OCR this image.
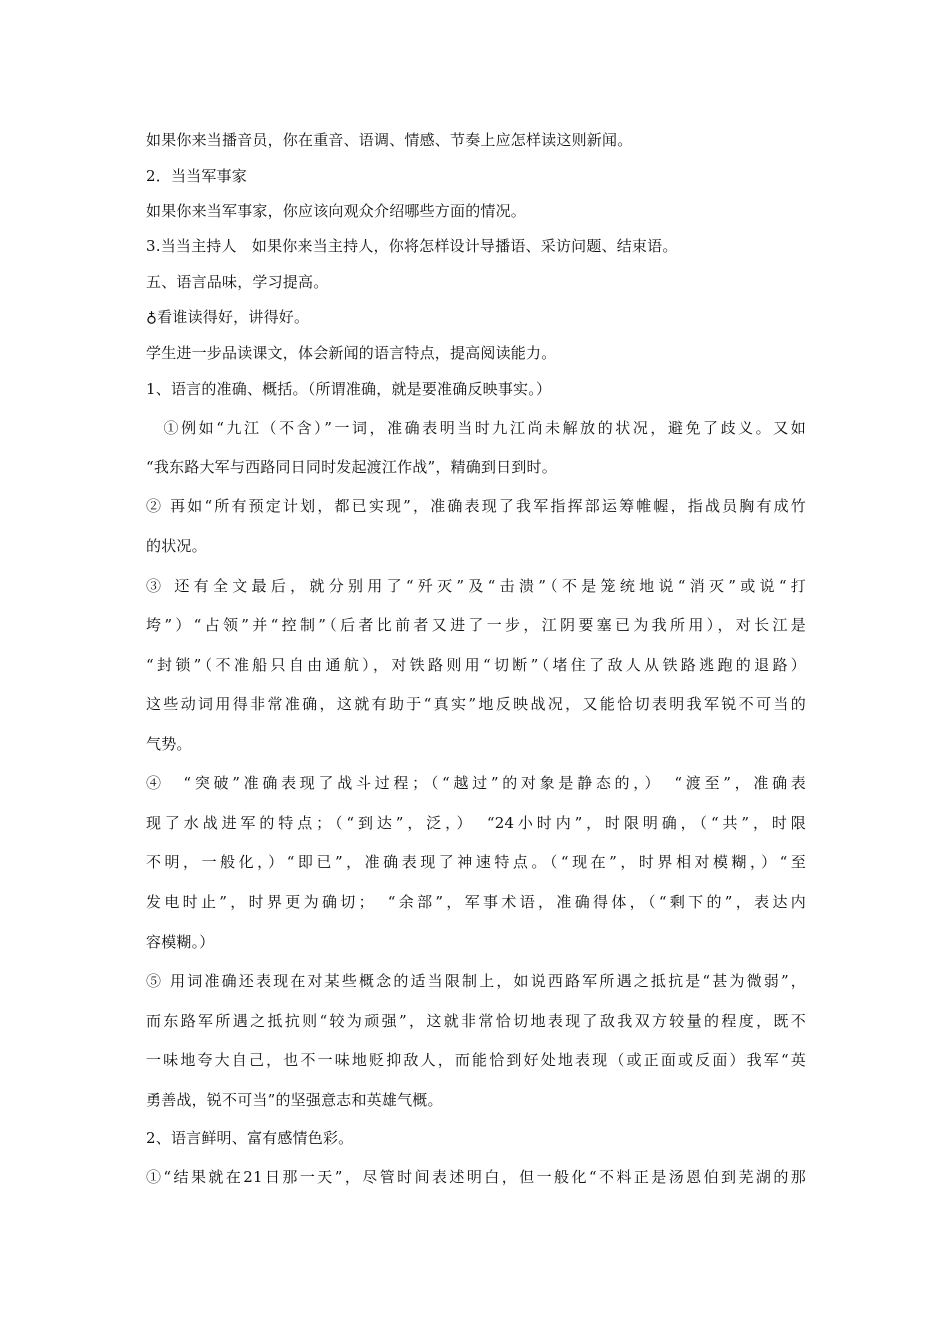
如果你来当播音员，你在重音、语调、情感、节奏上应怎样读这则新闻。
2．当当军事家
如果你来当军事家，你应该向观众介绍哪些方面的情况。
3.当当主持人　如果你来当主持人，你将怎样设计导播语、采访问题、结束语。
五、语言品味，学习提高。
♁看谁读得好，讲得好。
学生进一步品读课文，体会新闻的语言特点，提高阅读能力。
1、语言的准确、概括。（所谓准确，就是要准确反映事实。）
　①例如“九江（不含）”一词，准确表明当时九江尚未解放的状况，避免了歧义。又如
“我东路大军与西路同日同时发起渡江作战”，精确到日到时。
② 再如“所有预定计划，都已实现”，准确表现了我军指挥部运筹帷幄，指战员胸有成竹
的状况。
③ 还有全文最后，就分别用了“歼灭”及“击溃”（不是笼统地说“消灭”或说“打
垮”）“占领”并“控制”（后者比前者又进了一步，江阴要塞已为我所用），对长江是
“封锁”（不准船只自由通航），对铁路则用“切断”（堵住了敌人从铁路逃跑的退路）
这些动词用得非常准确，这就有助于“真实”地反映战况，又能恰切表明我军锐不可当的
气势。
④　“突破”准确表现了战斗过程；（“越过”的对象是静态的，）　“渡至”，准确表
现了水战进军的特点；（“到达”，泛，）　“24小时内”，时限明确，（“共”，时限
不明，一般化，）“即已”，准确表现了神速特点。（“现在”，时界相对模糊，）“至
发电时止”，时界更为确切；　“余部”，军事术语，准确得体，（“剩下的”，表达内
容模糊。）
⑤ 用词准确还表现在对某些概念的适当限制上，如说西路军所遇之抵抗是“甚为微弱”，
而东路军所遇之抵抗则“较为顽强”，这就非常恰切地表现了敌我双方较量的程度，既不
一味地夸大自己，也不一味地贬抑敌人，而能恰到好处地表现（或正面或反面）我军“英
勇善战，锐不可当”的坚强意志和英雄气概。
2、语言鲜明、富有感情色彩。
①“结果就在21日那一天”，尽管时间表述明白，但一般化“不料正是汤恩伯到芜湖的那
